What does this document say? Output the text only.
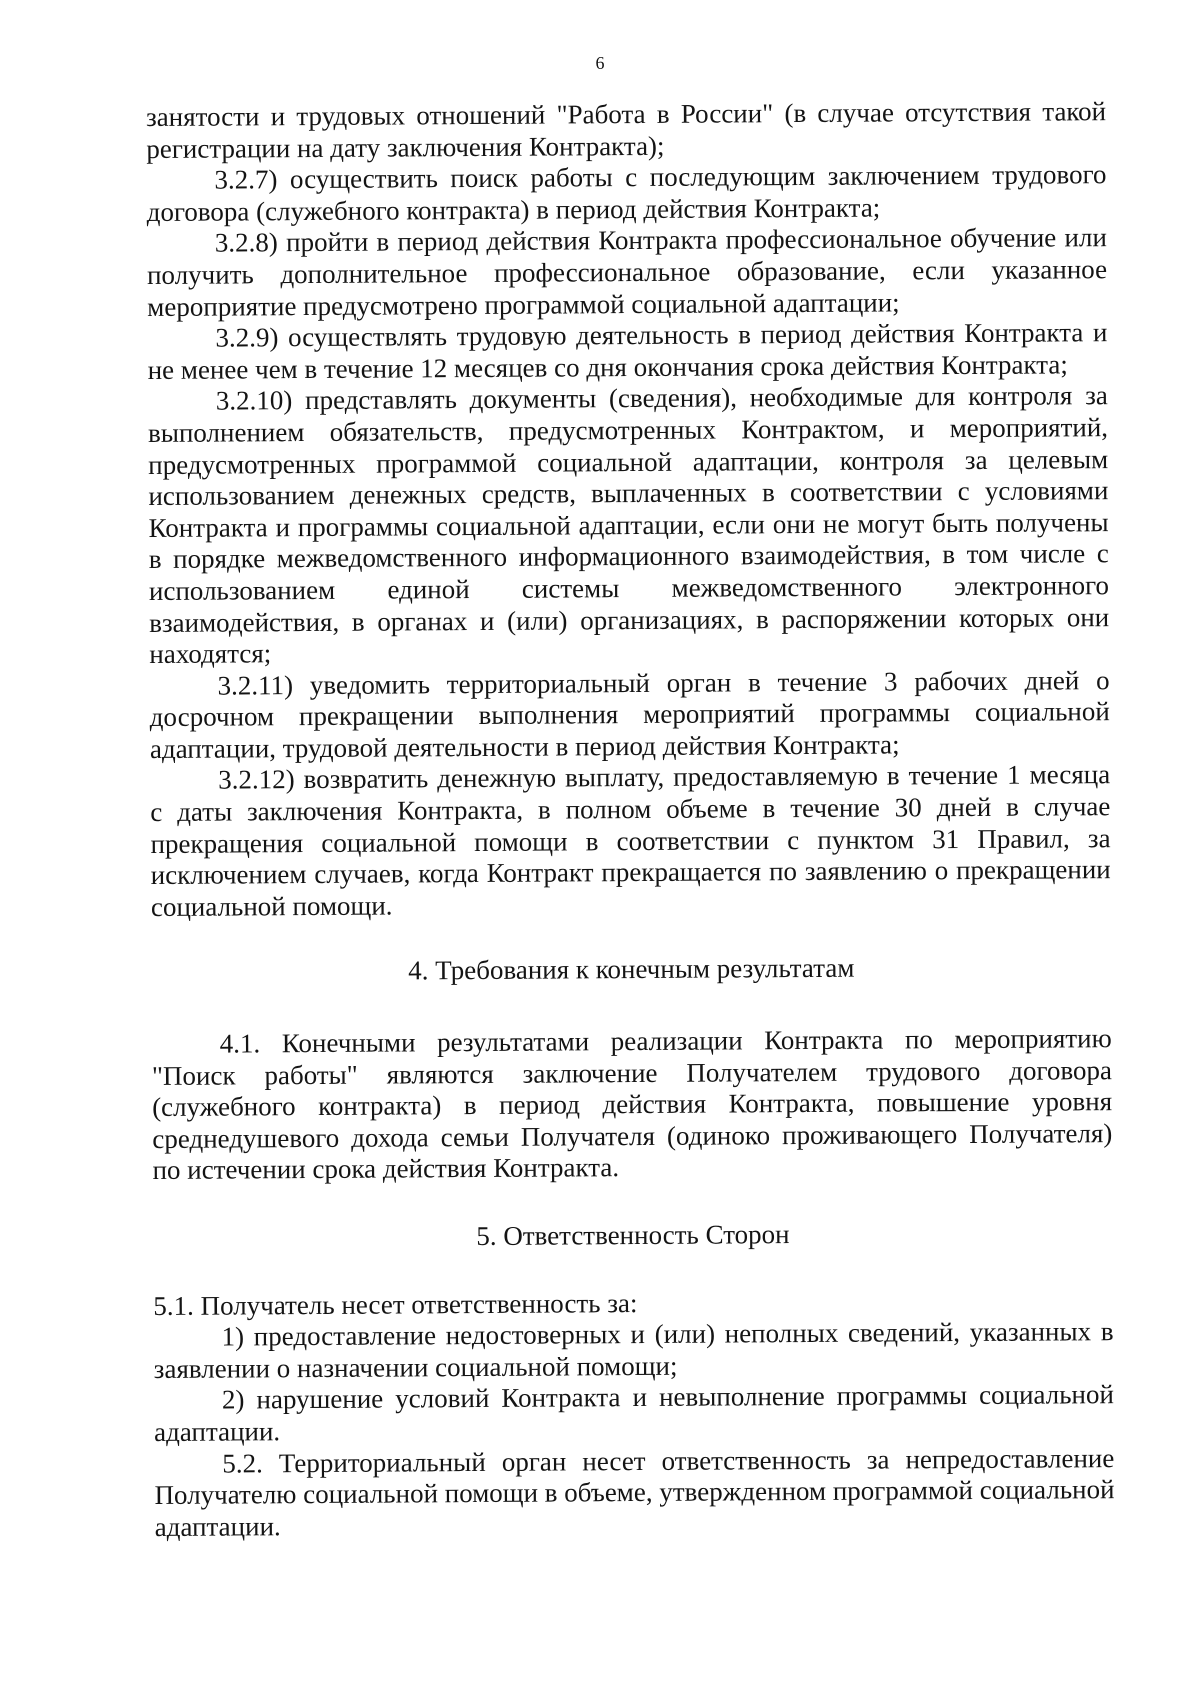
6

занятости и трудовых отношений "Работа в России" (в случае отсутствия такой регистрации на дату заключения Контракта);

3.2.7) осуществить поиск работы с последующим заключением трудового договора (служебного контракта) в период действия Контракта;

3.2.8) пройти в период действия Контракта профессиональное обучение или получить дополнительное профессиональное образование, если указанное мероприятие предусмотрено программой социальной адаптации;

3.2.9) осуществлять трудовую деятельность в период действия Контракта и не менее чем в течение 12 месяцев со дня окончания срока действия Контракта;

3.2.10) представлять документы (сведения), необходимые для контроля за выполнением обязательств, предусмотренных Контрактом, и мероприятий, предусмотренных программой социальной адаптации, контроля за целевым использованием денежных средств, выплаченных в соответствии с условиями Контракта и программы социальной адаптации, если они не могут быть получены в порядке межведомственного информационного взаимодействия, в том числе с использованием единой системы межведомственного электронного взаимодействия, в органах и (или) организациях, в распоряжении которых они находятся;

3.2.11) уведомить территориальный орган в течение 3 рабочих дней о досрочном прекращении выполнения мероприятий программы социальной адаптации, трудовой деятельности в период действия Контракта;

3.2.12) возвратить денежную выплату, предоставляемую в течение 1 месяца с даты заключения Контракта, в полном объеме в течение 30 дней в случае прекращения социальной помощи в соответствии с пунктом 31 Правил, за исключением случаев, когда Контракт прекращается по заявлению о прекращении социальной помощи.

4. Требования к конечным результатам

4.1. Конечными результатами реализации Контракта по мероприятию "Поиск работы" являются заключение Получателем трудового договора (служебного контракта) в период действия Контракта, повышение уровня среднедушевого дохода семьи Получателя (одиноко проживающего Получателя) по истечении срока действия Контракта.

5. Ответственность Сторон

5.1. Получатель несет ответственность за:

1) предоставление недостоверных и (или) неполных сведений, указанных в заявлении о назначении социальной помощи;

2) нарушение условий Контракта и невыполнение программы социальной адаптации.

5.2. Территориальный орган несет ответственность за непредоставление Получателю социальной помощи в объеме, утвержденном программой социальной адаптации.
